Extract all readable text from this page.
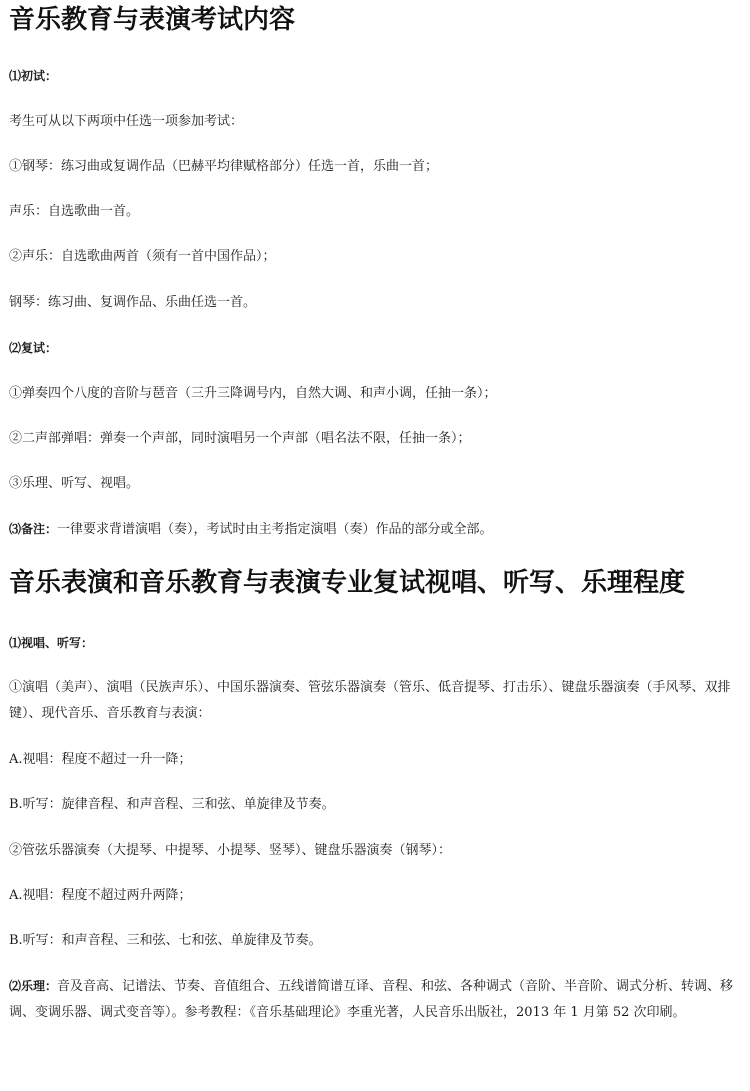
音乐教育与表演考试内容

⑴初试：

考生可从以下两项中任选一项参加考试：

①钢琴：练习曲或复调作品（巴赫平均律赋格部分）任选一首，乐曲一首；

声乐：自选歌曲一首。

②声乐：自选歌曲两首（须有一首中国作品）；

钢琴：练习曲、复调作品、乐曲任选一首。

⑵复试：

①弹奏四个八度的音阶与琶音（三升三降调号内，自然大调、和声小调，任抽一条）；

②二声部弹唱：弹奏一个声部，同时演唱另一个声部（唱名法不限，任抽一条）；

③乐理、听写、视唱。

⑶备注：一律要求背谱演唱（奏），考试时由主考指定演唱（奏）作品的部分或全部。

音乐表演和音乐教育与表演专业复试视唱、听写、乐理程度

⑴视唱、听写：

①演唱（美声）、演唱（民族声乐）、中国乐器演奏、管弦乐器演奏（管乐、低音提琴、打击乐）、键盘乐器演奏（手风琴、双排键）、现代音乐、音乐教育与表演：

A.视唱：程度不超过一升一降；

B.听写：旋律音程、和声音程、三和弦、单旋律及节奏。

②管弦乐器演奏（大提琴、中提琴、小提琴、竖琴）、键盘乐器演奏（钢琴）：

A.视唱：程度不超过两升两降；

B.听写：和声音程、三和弦、七和弦、单旋律及节奏。

⑵乐理：音及音高、记谱法、节奏、音值组合、五线谱简谱互译、音程、和弦、各种调式（音阶、半音阶、调式分析、转调、移调、变调乐器、调式变音等）。参考教程：《音乐基础理论》李重光著，人民音乐出版社，2013 年 1 月第 52 次印刷。
